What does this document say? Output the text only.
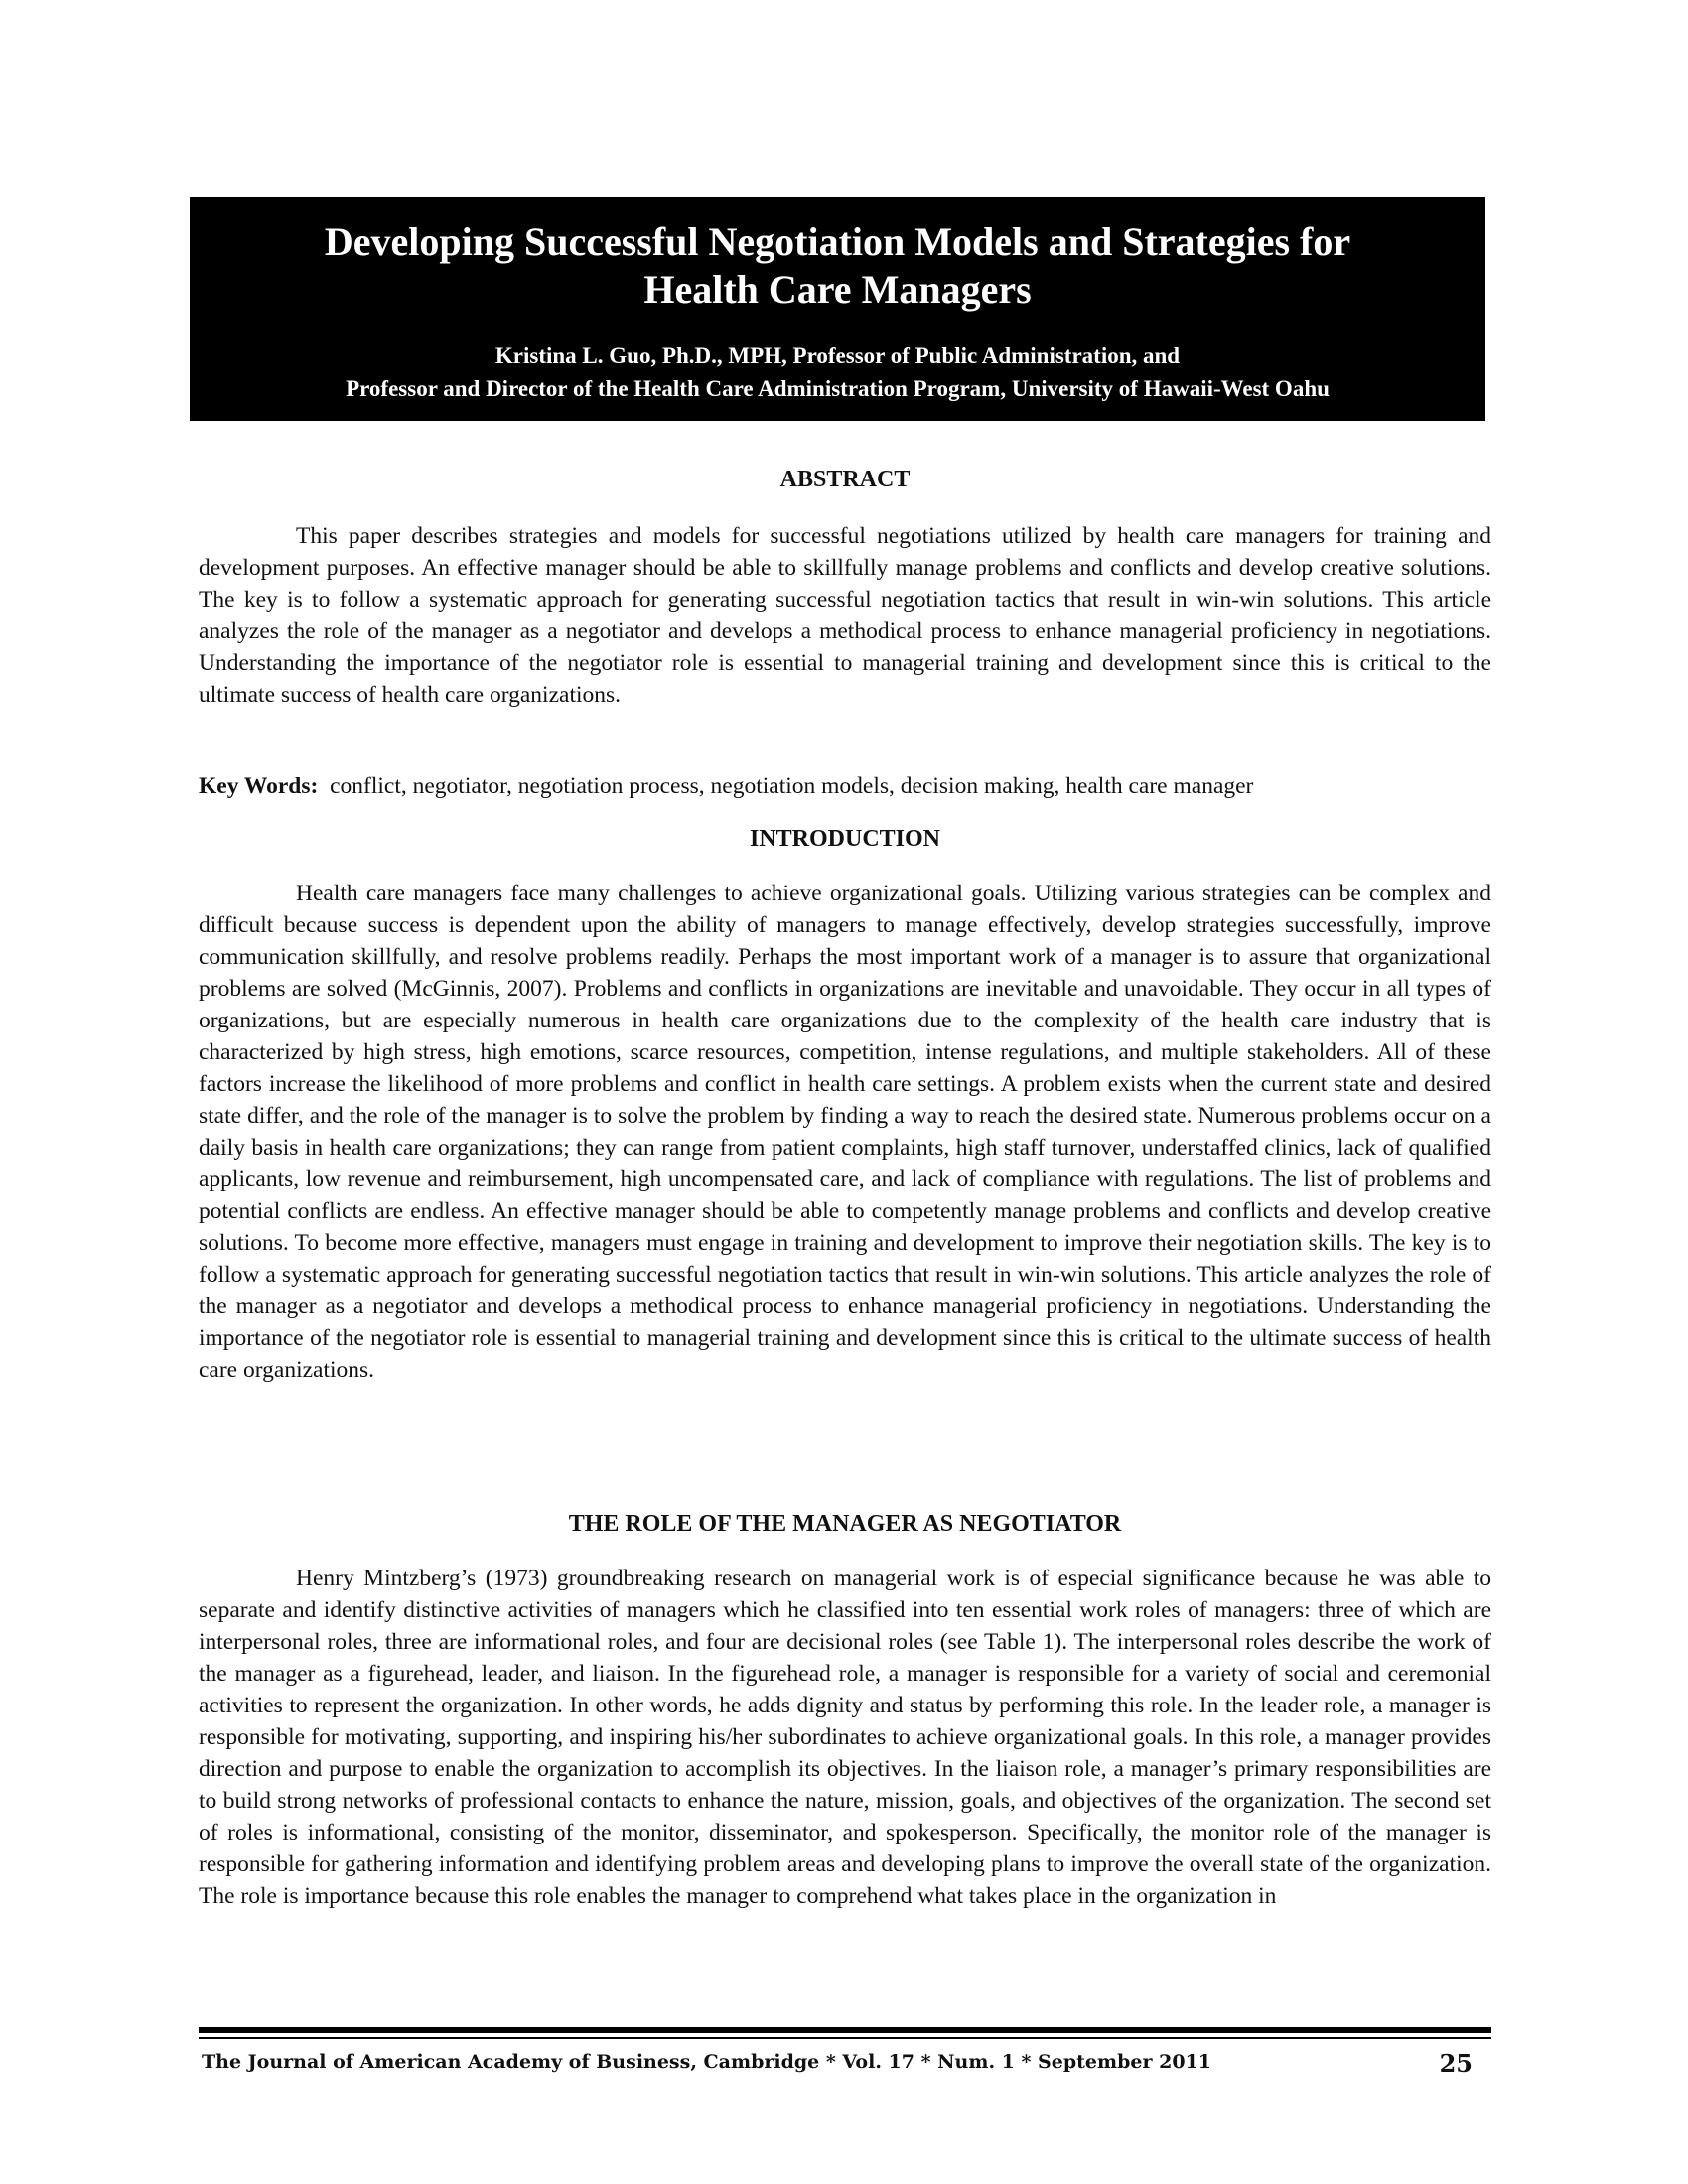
Developing Successful Negotiation Models and Strategies for
Health Care Managers
Kristina L. Guo, Ph.D., MPH, Professor of Public Administration, and
Professor and Director of the Health Care Administration Program, University of Hawaii-West Oahu
ABSTRACT

This paper describes strategies and models for successful negotiations utilized by health care managers for training and development purposes. An effective manager should be able to skillfully manage problems and conflicts and develop creative solutions. The key is to follow a systematic approach for generating successful negotiation tactics that result in win-win solutions. This article analyzes the role of the manager as a negotiator and develops a methodical process to enhance managerial proficiency in negotiations. Understanding the importance of the negotiator role is essential to managerial training and development since this is critical to the ultimate success of health care organizations.

Key Words: conflict, negotiator, negotiation process, negotiation models, decision making, health care manager
INTRODUCTION

Health care managers face many challenges to achieve organizational goals. Utilizing various strategies can be complex and difficult because success is dependent upon the ability of managers to manage effectively, develop strategies successfully, improve communication skillfully, and resolve problems readily. Perhaps the most important work of a manager is to assure that organizational problems are solved (McGinnis, 2007). Problems and conflicts in organizations are inevitable and unavoidable. They occur in all types of organizations, but are especially numerous in health care organizations due to the complexity of the health care industry that is characterized by high stress, high emotions, scarce resources, competition, intense regulations, and multiple stakeholders. All of these factors increase the likelihood of more problems and conflict in health care settings. A problem exists when the current state and desired state differ, and the role of the manager is to solve the problem by finding a way to reach the desired state. Numerous problems occur on a daily basis in health care organizations; they can range from patient complaints, high staff turnover, understaffed clinics, lack of qualified applicants, low revenue and reimbursement, high uncompensated care, and lack of compliance with regulations. The list of problems and potential conflicts are endless. An effective manager should be able to competently manage problems and conflicts and develop creative solutions. To become more effective, managers must engage in training and development to improve their negotiation skills. The key is to follow a systematic approach for generating successful negotiation tactics that result in win-win solutions. This article analyzes the role of the manager as a negotiator and develops a methodical process to enhance managerial proficiency in negotiations. Understanding the importance of the negotiator role is essential to managerial training and development since this is critical to the ultimate success of health care organizations.

THE ROLE OF THE MANAGER AS NEGOTIATOR

Henry Mintzberg’s (1973) groundbreaking research on managerial work is of especial significance because he was able to separate and identify distinctive activities of managers which he classified into ten essential work roles of managers: three of which are interpersonal roles, three are informational roles, and four are decisional roles (see Table 1). The interpersonal roles describe the work of the manager as a figurehead, leader, and liaison. In the figurehead role, a manager is responsible for a variety of social and ceremonial activities to represent the organization. In other words, he adds dignity and status by performing this role. In the leader role, a manager is responsible for motivating, supporting, and inspiring his/her subordinates to achieve organizational goals. In this role, a manager provides direction and purpose to enable the organization to accomplish its objectives. In the liaison role, a manager’s primary responsibilities are to build strong networks of professional contacts to enhance the nature, mission, goals, and objectives of the organization. The second set of roles is informational, consisting of the monitor, disseminator, and spokesperson. Specifically, the monitor role of the manager is responsible for gathering information and identifying problem areas and developing plans to improve the overall state of the organization. The role is importance because this role enables the manager to comprehend what takes place in the organization in

The Journal of American Academy of Business, Cambridge * Vol. 17 * Num. 1 * September 2011	25
